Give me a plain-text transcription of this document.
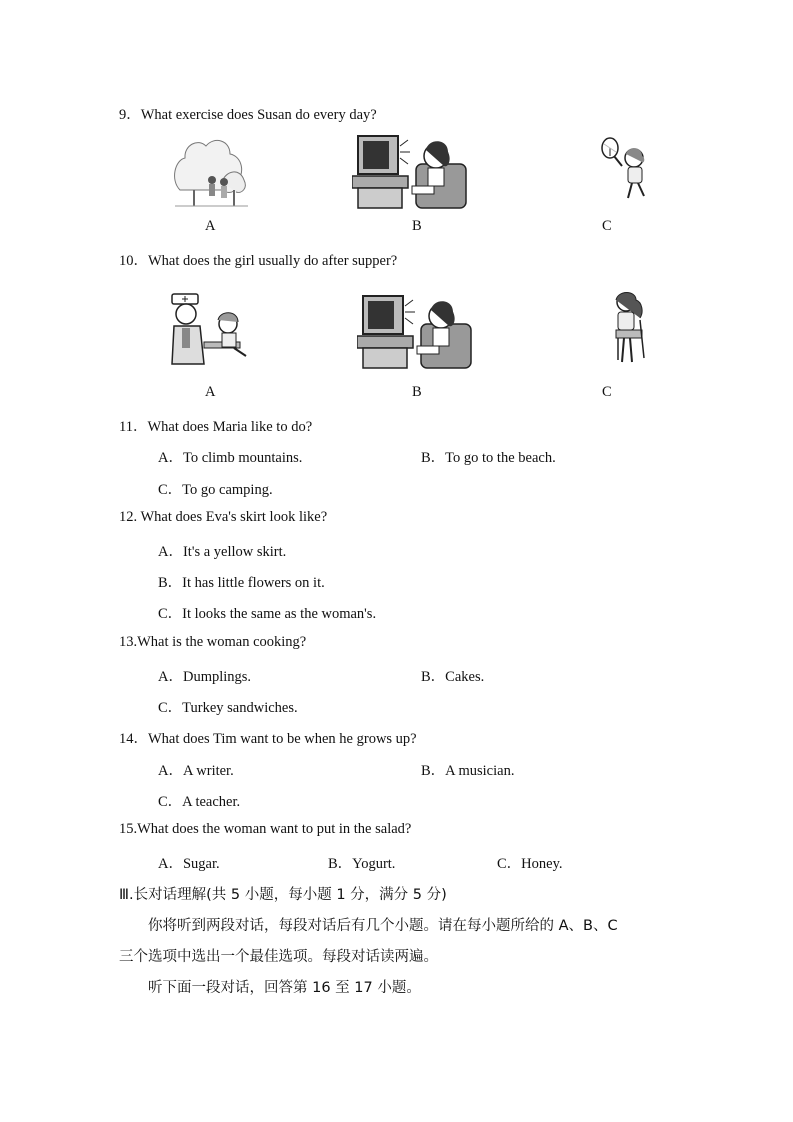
9．What exercise does Susan do every day?
A	B	C
10．What does the girl usually do after supper?
A	B	C
11．What does Maria like to do?
A．To climb mountains.	B．To go to the beach.
C．To go camping.
12. What does Eva's skirt look like?
A．It's a yellow skirt.
B．It has little flowers on it.
C．It looks the same as the woman's.
13.What is the woman cooking?
A．Dumplings.	B．Cakes.
C．Turkey sandwiches.
14．What does Tim want to be when he grows up?
A．A writer.	B．A musician.
C．A teacher.
15.What does the woman want to put in the salad?
A．Sugar.	B．Yogurt.	C．Honey.
Ⅲ.长对话理解(共 5 小题，每小题 1 分，满分 5 分)
你将听到两段对话，每段对话后有几个小题。请在每小题所给的 A、B、C
三个选项中选出一个最佳选项。每段对话读两遍。
听下面一段对话，回答第 16 至 17 小题。
